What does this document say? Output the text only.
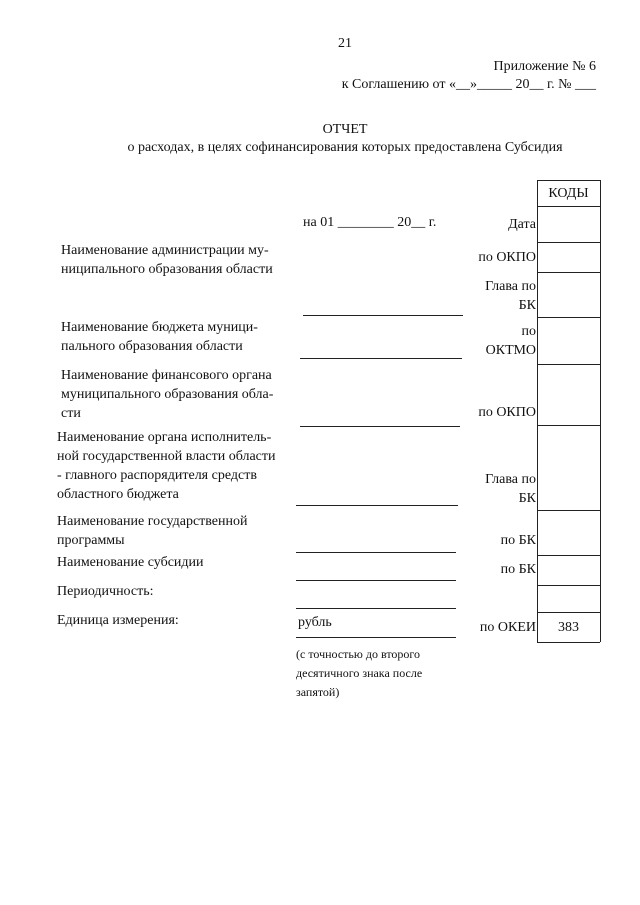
21
Приложение № 6
к Соглашению от «__»_____ 20__ г. № ___
ОТЧЕТ
о расходах, в целях софинансирования которых предоставлена Субсидия
КОДЫ
383
на 01 ________ 20__ г.	Дата
по ОКПО
Глава по
БК
по
ОКТМО
по ОКПО
Глава по
БК
по БК
по БК
по ОКЕИ
Наименование администрации му-
ниципального образования области
Наименование бюджета муници-
пального образования области
Наименование финансового органа
муниципального образования обла-
сти
Наименование органа исполнитель-
ной государственной власти области
- главного распорядителя средств
областного бюджета
Наименование государственной
программы
Наименование субсидии
Периодичность:
Единица измерения:	рубль
(с точностью до второго
десятичного знака после
запятой)
